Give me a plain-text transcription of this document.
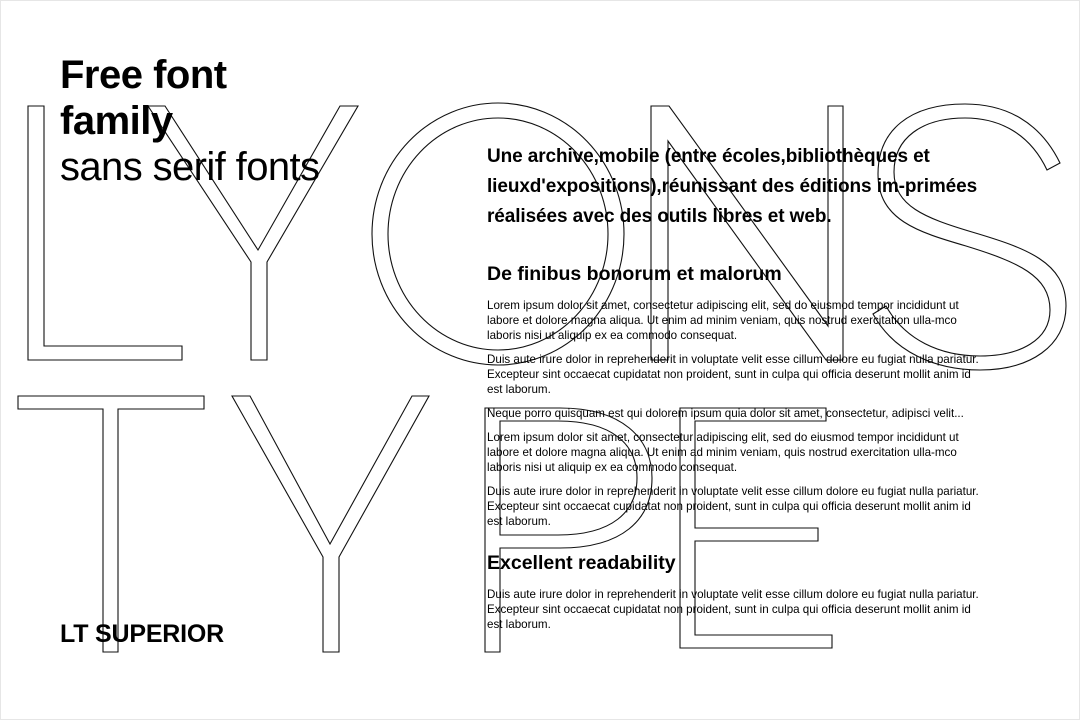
Free font
family
sans serif fonts
LT SUPERIOR

Une archive,mobile (entre écoles,bibliothèques et lieuxd'expositions),réunissant des éditions im-primées réalisées avec des outils libres et web.

De finibus bonorum et malorum

Lorem ipsum dolor sit amet, consectetur adipiscing elit, sed do eiusmod tempor incididunt ut labore et dolore magna aliqua. Ut enim ad minim veniam, quis nostrud exercitation ulla-mco laboris nisi ut aliquip ex ea commodo consequat.

Duis aute irure dolor in reprehenderit in voluptate velit esse cillum dolore eu fugiat nulla pariatur. Excepteur sint occaecat cupidatat non proident, sunt in culpa qui officia deserunt mollit anim id est laborum.

Neque porro quisquam est qui dolorem ipsum quia dolor sit amet, consectetur, adipisci velit...

Lorem ipsum dolor sit amet, consectetur adipiscing elit, sed do eiusmod tempor incididunt ut labore et dolore magna aliqua. Ut enim ad minim veniam, quis nostrud exercitation ulla-mco laboris nisi ut aliquip ex ea commodo consequat.

Duis aute irure dolor in reprehenderit in voluptate velit esse cillum dolore eu fugiat nulla pariatur. Excepteur sint occaecat cupidatat non proident, sunt in culpa qui officia deserunt mollit anim id est laborum.

Excellent readability

Duis aute irure dolor in reprehenderit in voluptate velit esse cillum dolore eu fugiat nulla pariatur. Excepteur sint occaecat cupidatat non proident, sunt in culpa qui officia deserunt mollit anim id est laborum.
